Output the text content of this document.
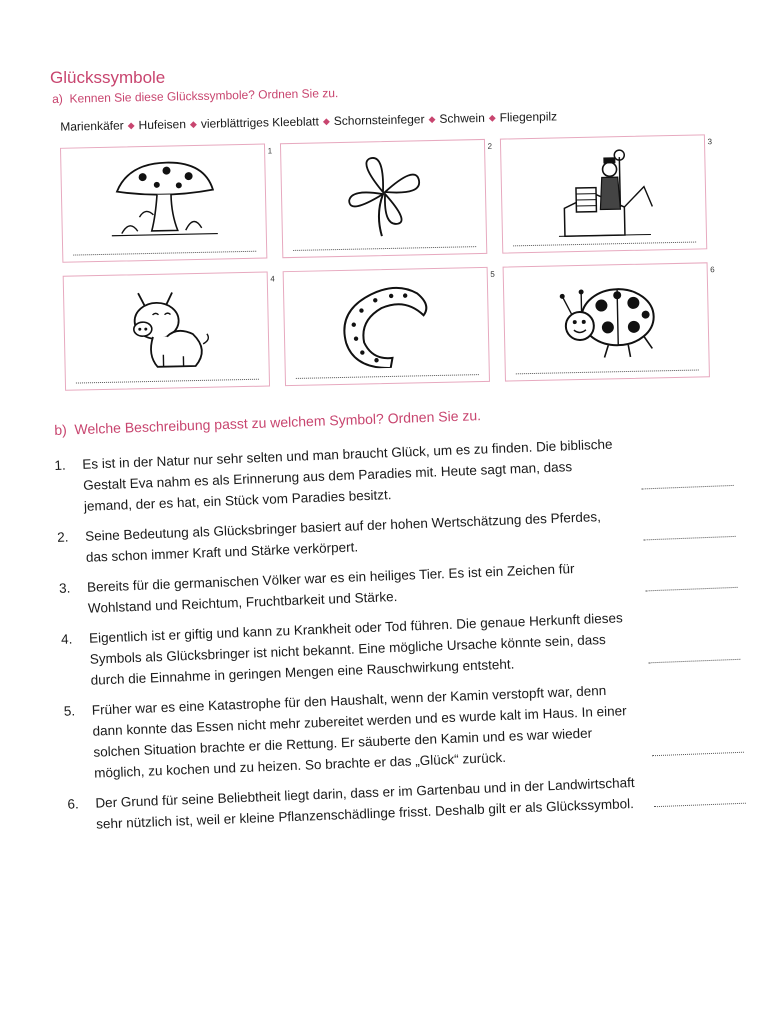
Glückssymbole
a) Kennen Sie diese Glückssymbole? Ordnen Sie zu.
Marienkäfer ◆ Hufeisen ◆ vierblättriges Kleeblatt ◆ Schornsteinfeger ◆ Schwein ◆ Fliegenpilz
1
2
3
4
5
6
b) Welche Beschreibung passt zu welchem Symbol? Ordnen Sie zu.
1.	Es ist in der Natur nur sehr selten und man braucht Glück, um es zu finden. Die biblische Gestalt Eva nahm es als Erinnerung aus dem Paradies mit. Heute sagt man, dass jemand, der es hat, ein Stück vom Paradies besitzt.
2.	Seine Bedeutung als Glücksbringer basiert auf der hohen Wertschätzung des Pferdes, das schon immer Kraft und Stärke verkörpert.
3.	Bereits für die germanischen Völker war es ein heiliges Tier. Es ist ein Zeichen für Wohlstand und Reichtum, Fruchtbarkeit und Stärke.
4.	Eigentlich ist er giftig und kann zu Krankheit oder Tod führen. Die genaue Herkunft dieses Symbols als Glücksbringer ist nicht bekannt. Eine mögliche Ursache könnte sein, dass durch die Einnahme in geringen Mengen eine Rauschwirkung entsteht.
5.	Früher war es eine Katastrophe für den Haushalt, wenn der Kamin verstopft war, denn dann konnte das Essen nicht mehr zubereitet werden und es wurde kalt im Haus. In einer solchen Situation brachte er die Rettung. Er säuberte den Kamin und es war wieder möglich, zu kochen und zu heizen. So brachte er das „Glück“ zurück.
6.	Der Grund für seine Beliebtheit liegt darin, dass er im Gartenbau und in der Landwirtschaft sehr nützlich ist, weil er kleine Pflanzenschädlinge frisst. Deshalb gilt er als Glückssymbol.
